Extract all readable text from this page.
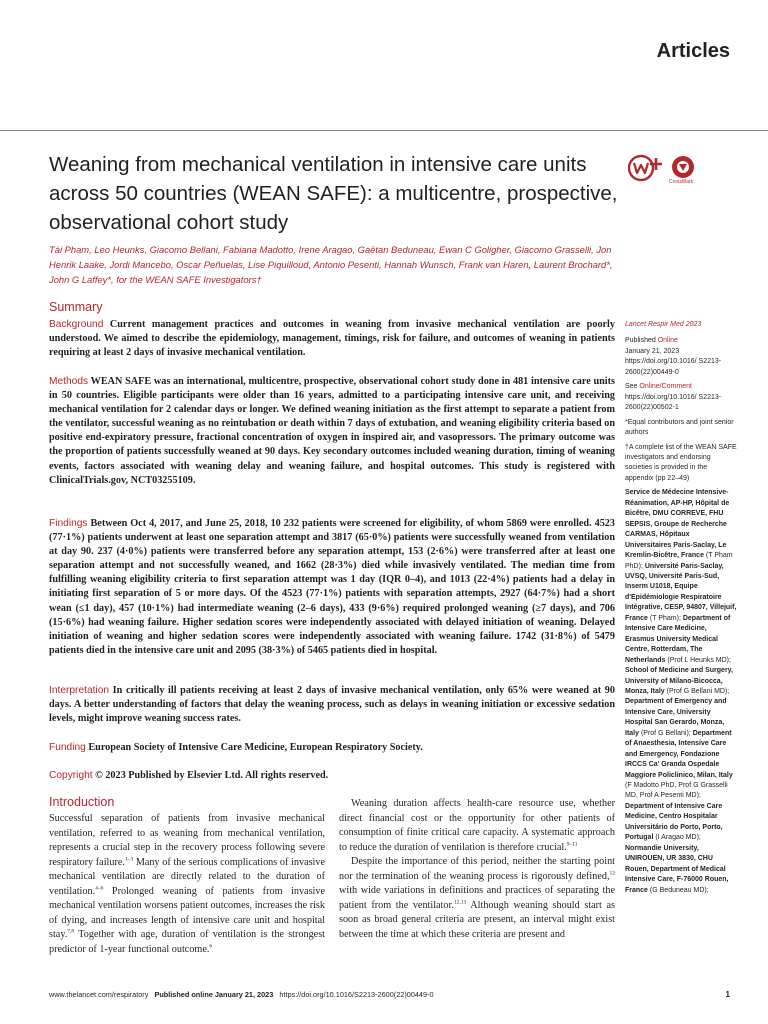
Articles
Weaning from mechanical ventilation in intensive care units across 50 countries (WEAN SAFE): a multicentre, prospective, observational cohort study
CrossMark

Tài Pham, Leo Heunks, Giacomo Bellani, Fabiana Madotto, Irene Aragao, Gaëtan Beduneau, Ewan C Goligher, Giacomo Grasselli, Jon Henrik Laake, Jordi Mancebo, Oscar Peñuelas, Lise Piquilloud, Antonio Pesenti, Hannah Wunsch, Frank van Haren, Laurent Brochard*, John G Laffey*, for the WEAN SAFE Investigators†

Summary

Background Current management practices and outcomes in weaning from invasive mechanical ventilation are poorly understood. We aimed to describe the epidemiology, management, timings, risk for failure, and outcomes of weaning in patients requiring at least 2 days of invasive mechanical ventilation.

Methods WEAN SAFE was an international, multicentre, prospective, observational cohort study done in 481 intensive care units in 50 countries. Eligible participants were older than 16 years, admitted to a participating intensive care unit, and receiving mechanical ventilation for 2 calendar days or longer. We defined weaning initiation as the first attempt to separate a patient from the ventilator, successful weaning as no reintubation or death within 7 days of extubation, and weaning eligibility criteria based on positive end-expiratory pressure, fractional concentration of oxygen in inspired air, and vasopressors. The primary outcome was the proportion of patients successfully weaned at 90 days. Key secondary outcomes included weaning duration, timing of weaning events, factors associated with weaning delay and weaning failure, and hospital outcomes. This study is registered with ClinicalTrials.gov, NCT03255109.

Findings Between Oct 4, 2017, and June 25, 2018, 10 232 patients were screened for eligibility, of whom 5869 were enrolled. 4523 (77·1%) patients underwent at least one separation attempt and 3817 (65·0%) patients were successfully weaned from ventilation at day 90. 237 (4·0%) patients were transferred before any separation attempt, 153 (2·6%) were transferred after at least one separation attempt and not successfully weaned, and 1662 (28·3%) died while invasively ventilated. The median time from fulfilling weaning eligibility criteria to first separation attempt was 1 day (IQR 0–4), and 1013 (22·4%) patients had a delay in initiating first separation of 5 or more days. Of the 4523 (77·1%) patients with separation attempts, 2927 (64·7%) had a short wean (≤1 day), 457 (10·1%) had intermediate weaning (2–6 days), 433 (9·6%) required prolonged weaning (≥7 days), and 706 (15·6%) had weaning failure. Higher sedation scores were independently associated with delayed initiation of weaning. Delayed initiation of weaning and higher sedation scores were independently associated with weaning failure. 1742 (31·8%) of 5479 patients died in the intensive care unit and 2095 (38·3%) of 5465 patients died in hospital.

Interpretation In critically ill patients receiving at least 2 days of invasive mechanical ventilation, only 65% were weaned at 90 days. A better understanding of factors that delay the weaning process, such as delays in weaning initiation or excessive sedation levels, might improve weaning success rates.

Funding European Society of Intensive Care Medicine, European Respiratory Society.

Copyright © 2023 Published by Elsevier Ltd. All rights reserved.

Introduction

Successful separation of patients from invasive mechanical ventilation, referred to as weaning from mechanical ventilation, represents a crucial step in the recovery process following severe respiratory failure.$^{1-3}$ Many of the serious complications of invasive mechanical ventilation are directly related to the duration of ventilation.$^{4-6}$ Prolonged weaning of patients from invasive mechanical ventilation worsens patient outcomes, increases the risk of dying, and increases length of intensive care unit and hospital stay.$^{7,8}$ Together with age, duration of ventilation is the strongest predictor of 1-year functional outcome.$^6$

Weaning duration affects health-care resource use, whether direct financial cost or the opportunity for other patients of consumption of finite critical care capacity. A systematic approach to reduce the duration of ventilation is therefore crucial.$^{9-11}$

Despite the importance of this period, neither the starting point nor the termination of the weaning process is rigorously defined,$^{12}$ with wide variations in definitions and practices of separating the patient from the ventilator.$^{12,13}$ Although weaning should start as soon as broad general criteria are present, an interval might exist between the time at which these criteria are present and

Lancet Respir Med 2023

Published Online

January 21, 2023

https://doi.org/10.1016/ S2213-2600(22)00449-0

See Online/Comment

https://doi.org/10.1016/ S2213-2600(22)00502-1

*Equal contributors and joint senior authors

†A complete list of the WEAN SAFE investigators and endorsing societies is provided in the appendix (pp 22–49)

Service de Médecine Intensive-Réanimation, AP-HP, Hôpital de Bicêtre, DMU CORREVE, FHU SEPSIS, Groupe de Recherche CARMAS, Hôpitaux Universitaires Paris-Saclay, Le Kremlin-Bicêtre, France (T Pham PhD); Université Paris-Saclay, UVSQ, Université Paris-Sud, Inserm U1018, Equipe d'Epidémiologie Respiratoire Intégrative, CESP, 94807, Villejuif, France (T Pham); Department of Intensive Care Medicine, Erasmus University Medical Centre, Rotterdam, The Netherlands (Prof L Heunks MD); School of Medicine and Surgery, University of Milano-Bicocca, Monza, Italy (Prof G Bellani MD); Department of Emergency and Intensive Care, University Hospital San Gerardo, Monza, Italy (Prof G Bellani); Department of Anaesthesia, Intensive Care and Emergency, Fondazione IRCCS Ca' Granda Ospedale Maggiore Policlinico, Milan, Italy (F Madotto PhD, Prof G Grasselli MD, Prof A Pesenti MD); Department of Intensive Care Medicine, Centro Hospitalar Universitário do Porto, Porto, Portugal (I Aragao MD); Normandie University, UNIROUEN, UR 3830, CHU Rouen, Department of Medical Intensive Care, F-76000 Rouen, France (G Beduneau MD);

www.thelancet.com/respiratory Published online January 21, 2023 https://doi.org/10.1016/S2213-2600(22)00449-0	1
